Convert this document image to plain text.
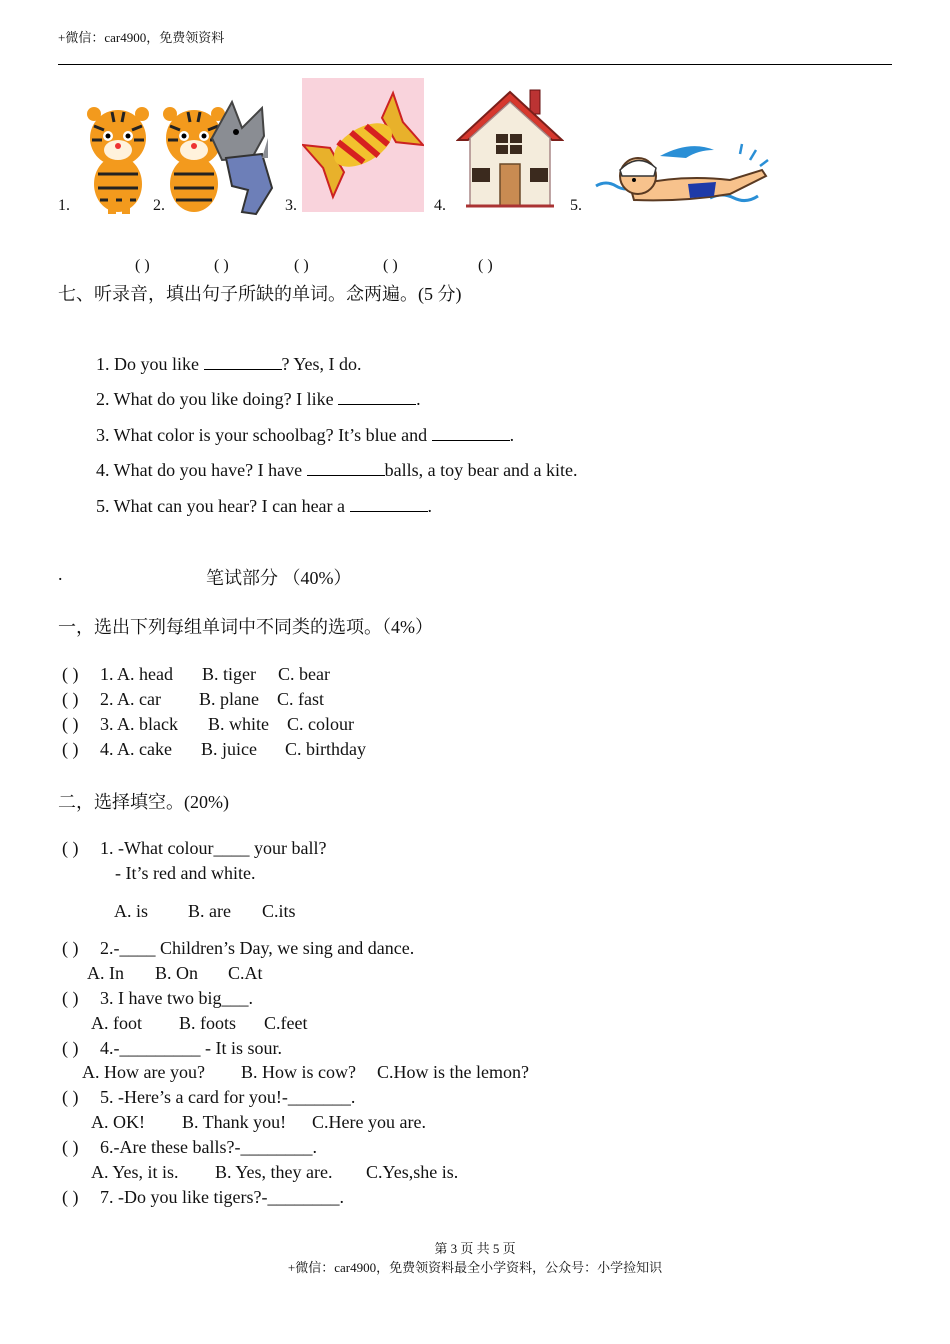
+微信：car4900，免费领资料
1.	2.	3.	4.	5.
( )	( )	( )	( )	( )
七、听录音，填出句子所缺的单词。念两遍。(5 分)
1. Do you like	? Yes, I do.
2. What do you like doing? I like	.
3. What color is your schoolbag? It’s blue and	.
4. What do you have? I have	balls, a toy bear and a kite.
5. What can you hear? I can hear a	.
.	笔试部分 （40%）
一，选出下列每组单词中不同类的选项。（4%）
( ) 1. A. head B. tiger C. bear
( ) 2. A. car B. plane C. fast
( ) 3. A. black B. white C. colour
( ) 4. A. cake B. juice C. birthday
二，选择填空。(20%)
( ) 1. -What colour____ your ball?
- It’s red and white.
A. is B. are C.its
( ) 2.-____ Children’s Day, we sing and dance.
A. In B. On C.At
( ) 3. I have two big___.
A. foot B. foots C.feet
( ) 4.-_________ - It is sour.
A. How are you? B. How is cow? C.How is the lemon?
( ) 5. -Here’s a card for you!-_______.
A. OK! B. Thank you! C.Here you are.
( ) 6.-Are these balls?-________.
A. Yes, it is. B. Yes, they are. C.Yes,she is.
( ) 7. -Do you like tigers?-________.
第 3 页 共 5 页
+微信：car4900，免费领资料最全小学资料，公众号：小学捡知识
